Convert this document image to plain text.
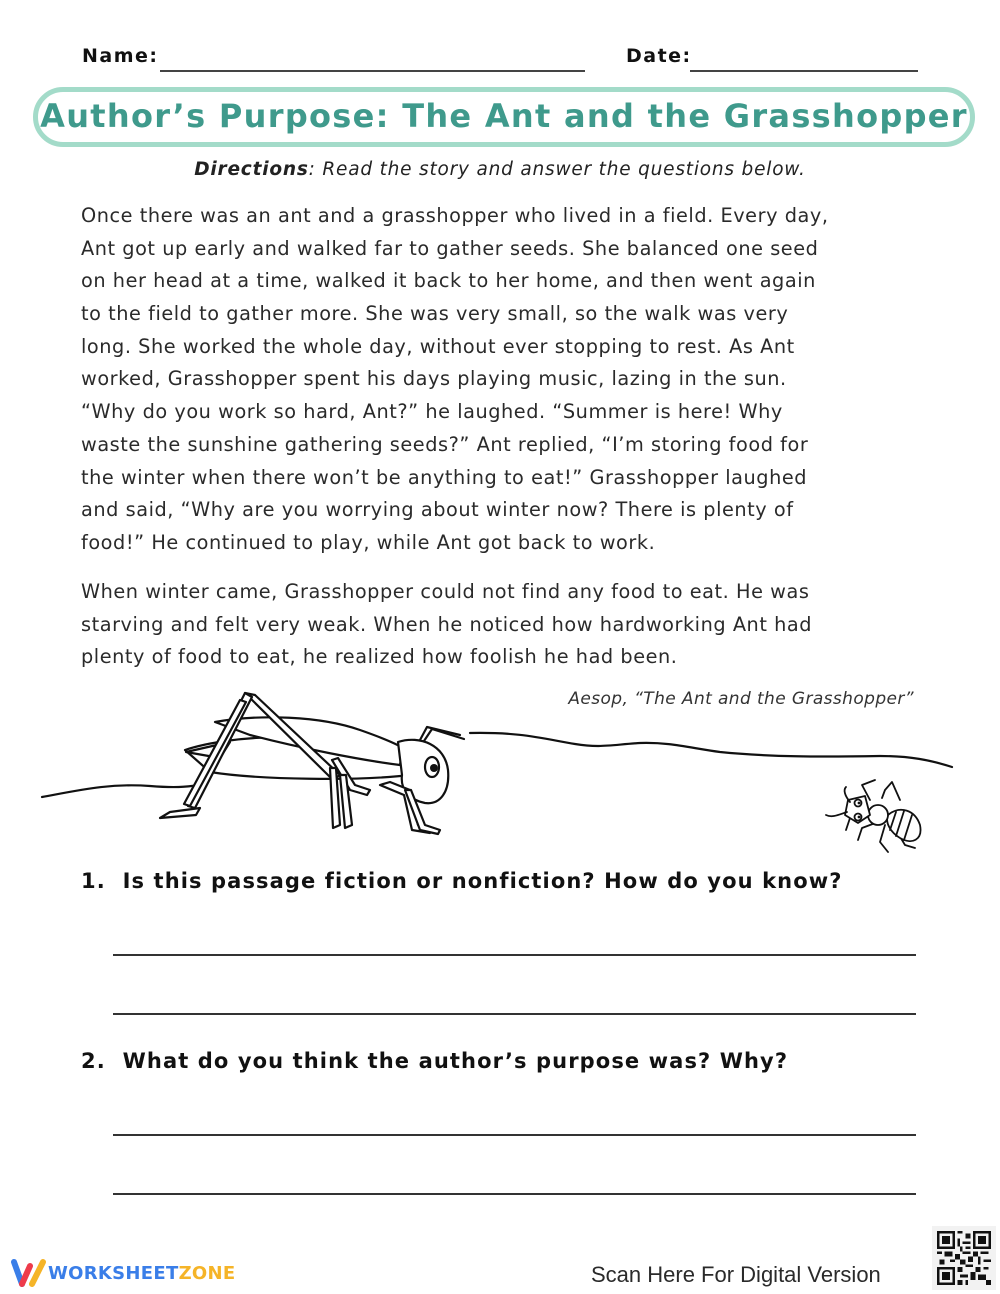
Name:	Date:
Author’s Purpose: The Ant and the Grasshopper
Directions: Read the story and answer the questions below.
Once there was an ant and a grasshopper who lived in a field. Every day,
Ant got up early and walked far to gather seeds. She balanced one seed
on her head at a time, walked it back to her home, and then went again
to the field to gather more. She was very small, so the walk was very
long. She worked the whole day, without ever stopping to rest. As Ant
worked, Grasshopper spent his days playing music, lazing in the sun.
“Why do you work so hard, Ant?” he laughed. “Summer is here! Why
waste the sunshine gathering seeds?” Ant replied, “I’m storing food for
the winter when there won’t be anything to eat!” Grasshopper laughed
and said, “Why are you worrying about winter now? There is plenty of
food!” He continued to play, while Ant got back to work.
When winter came, Grasshopper could not find any food to eat. He was
starving and felt very weak. When he noticed how hardworking Ant had
plenty of food to eat, he realized how foolish he had been.
Aesop, “The Ant and the Grasshopper”
1. Is this passage fiction or nonfiction? How do you know?
2. What do you think the author’s purpose was? Why?
WORKSHEET ZONE	Scan Here For Digital Version
